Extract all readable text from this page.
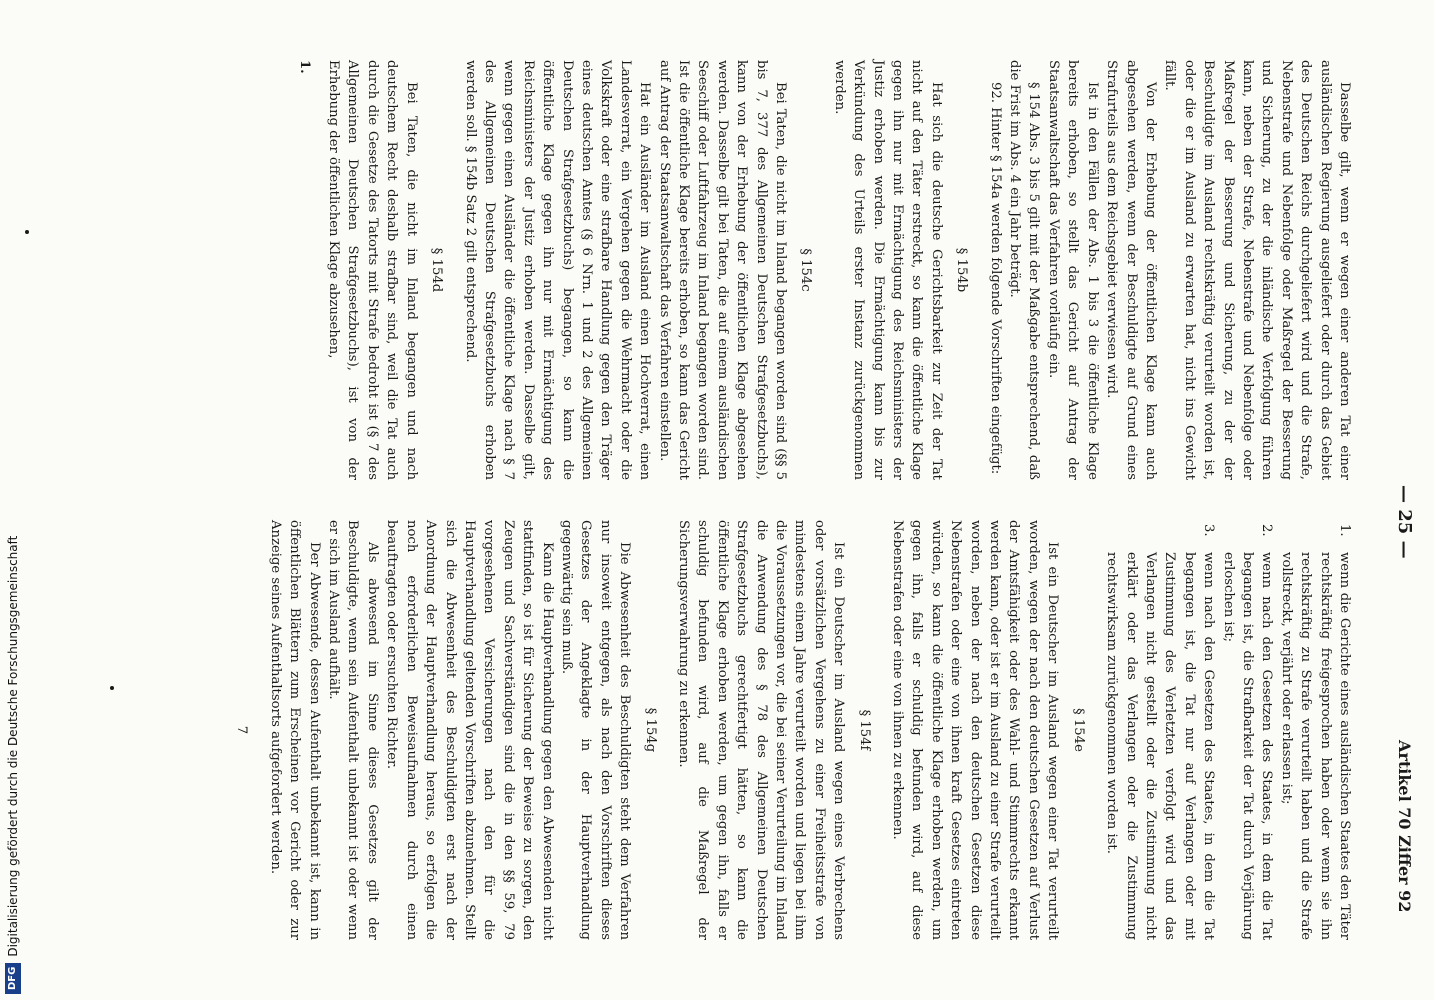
— 25 —
Artikel 70 Ziffer 92

Dasselbe gilt, wenn er wegen einer anderen Tat einer ausländischen Regierung ausgeliefert oder durch das Gebiet des Deutschen Reichs durchgeliefert wird und die Strafe, Nebenstrafe und Nebenfolge oder Maßregel der Besserung und Sicherung, zu der die inländische Verfolgung führen kann, neben der Strafe, Nebenstrafe und Nebenfolge oder Maßregel der Besserung und Sicherung, zu der der Beschuldigte im Ausland rechtskräftig verurteilt worden ist, oder die er im Ausland zu erwarten hat, nicht ins Gewicht fällt.

Von der Erhebung der öffentlichen Klage kann auch abgesehen werden, wenn der Beschuldigte auf Grund eines Strafurteils aus dem Reichsgebiet verwiesen wird.

Ist in den Fällen der Abs. 1 bis 3 die öffentliche Klage bereits erhoben, so stellt das Gericht auf Antrag der Staatsanwaltschaft das Verfahren vorläufig ein.

§ 154 Abs. 3 bis 5 gilt mit der Maßgabe entsprechend, daß die Frist im Abs. 4 ein Jahr beträgt.

92. Hinter § 154a werden folgende Vorschriften eingefügt:

§ 154b

Hat sich die deutsche Gerichtsbarkeit zur Zeit der Tat nicht auf den Täter erstreckt, so kann die öffentliche Klage gegen ihn nur mit Ermächtigung des Reichsministers der Justiz erhoben werden. Die Ermächtigung kann bis zur Verkündung des Urteils erster Instanz zurückgenommen werden.

§ 154c

Bei Taten, die nicht im Inland begangen worden sind (§§ 5 bis 7, 377 des Allgemeinen Deutschen Strafgesetzbuchs), kann von der Erhebung der öffentlichen Klage abgesehen werden. Dasselbe gilt bei Taten, die auf einem ausländischen Seeschiff oder Luftfahrzeug im Inland begangen worden sind. Ist die öffentliche Klage bereits erhoben, so kann das Gericht auf Antrag der Staatsanwaltschaft das Verfahren einstellen.

Hat ein Ausländer im Ausland einen Hochverrat, einen Landesverrat, ein Vergehen gegen die Wehrmacht oder die Volkskraft oder eine strafbare Handlung gegen den Träger eines deutschen Amtes (§ 6 Nrn. 1 und 2 des Allgemeinen Deutschen Strafgesetzbuchs) begangen, so kann die öffentliche Klage gegen ihn nur mit Ermächtigung des Reichsministers der Justiz erhoben werden. Dasselbe gilt, wenn gegen einen Ausländer die öffentliche Klage nach § 7 des Allgemeinen Deutschen Strafgesetzbuchs erhoben werden soll. § 154b Satz 2 gilt entsprechend.

§ 154d

Bei Taten, die nicht im Inland begangen und nach deutschem Recht deshalb strafbar sind, weil die Tat auch durch die Gesetze des Tatorts mit Strafe bedroht ist (§ 7 des Allgemeinen Deutschen Strafgesetzbuchs), ist von der Erhebung der öffentlichen Klage abzusehen,

1.
1.
wenn die Gerichte eines ausländischen Staates den Täter rechtskräftig freigesprochen haben oder wenn sie ihn rechtskräftig zu Strafe verurteilt haben und die Strafe vollstreckt, verjährt oder erlassen ist;
2.
wenn nach den Gesetzen des Staates, in dem die Tat begangen ist, die Strafbarkeit der Tat durch Verjährung erloschen ist;
3.
wenn nach den Gesetzen des Staates, in dem die Tat begangen ist, die Tat nur auf Verlangen oder mit Zustimmung des Verletzten verfolgt wird und das Verlangen nicht gestellt oder die Zustimmung nicht erklärt oder das Verlangen oder die Zustimmung rechtswirksam zurückgenommen worden ist.
§ 154e

Ist ein Deutscher im Ausland wegen einer Tat verurteilt worden, wegen der nach den deutschen Gesetzen auf Verlust der Amtsfähigkeit oder des Wahl- und Stimmrechts erkannt werden kann, oder ist er im Ausland zu einer Strafe verurteilt worden, neben der nach den deutschen Gesetzen diese Nebenstrafen oder eine von ihnen kraft Gesetzes eintreten würden, so kann die öffentliche Klage erhoben werden, um gegen ihn, falls er schuldig befunden wird, auf diese Nebenstrafen oder eine von ihnen zu erkennen.

§ 154f

Ist ein Deutscher im Ausland wegen eines Verbrechens oder vorsätzlichen Vergehens zu einer Freiheitsstrafe von mindestens einem Jahre verurteilt worden und liegen bei ihm die Voraussetzungen vor, die bei seiner Verurteilung im Inland die Anwendung des § 78 des Allgemeinen Deutschen Strafgesetzbuchs gerechtfertigt hätten, so kann die öffentliche Klage erhoben werden, um gegen ihn, falls er schuldig befunden wird, auf die Maßregel der Sicherungsverwahrung zu erkennen.

§ 154g

Die Abwesenheit des Beschuldigten steht dem Verfahren nur insoweit entgegen, als nach den Vorschriften dieses Gesetzes der Angeklagte in der Hauptverhandlung gegenwärtig sein muß.

Kann die Hauptverhandlung gegen den Abwesenden nicht stattfinden, so ist für Sicherung der Beweise zu sorgen, den Zeugen und Sachverständigen sind die in den §§ 59, 79 vorgesehenen Versicherungen nach den für die Hauptverhandlung geltenden Vorschriften abzunehmen. Stellt sich die Abwesenheit des Beschuldigten erst nach der Anordnung der Hauptverhandlung heraus, so erfolgen die noch erforderlichen Beweisaufnahmen durch einen beauftragten oder ersuchten Richter.

Als abwesend im Sinne dieses Gesetzes gilt der Beschuldigte, wenn sein Aufenthalt unbekannt ist oder wenn er sich im Ausland aufhält.

Der Abwesende, dessen Aufenthalt unbekannt ist, kann in öffentlichen Blättern zum Erscheinen vor Gericht oder zur Anzeige seines Aufenthaltsorts aufgefordert werden.

7
DFG
Digitalisierung gefördert durch die Deutsche Forschungsgemeinschaft
